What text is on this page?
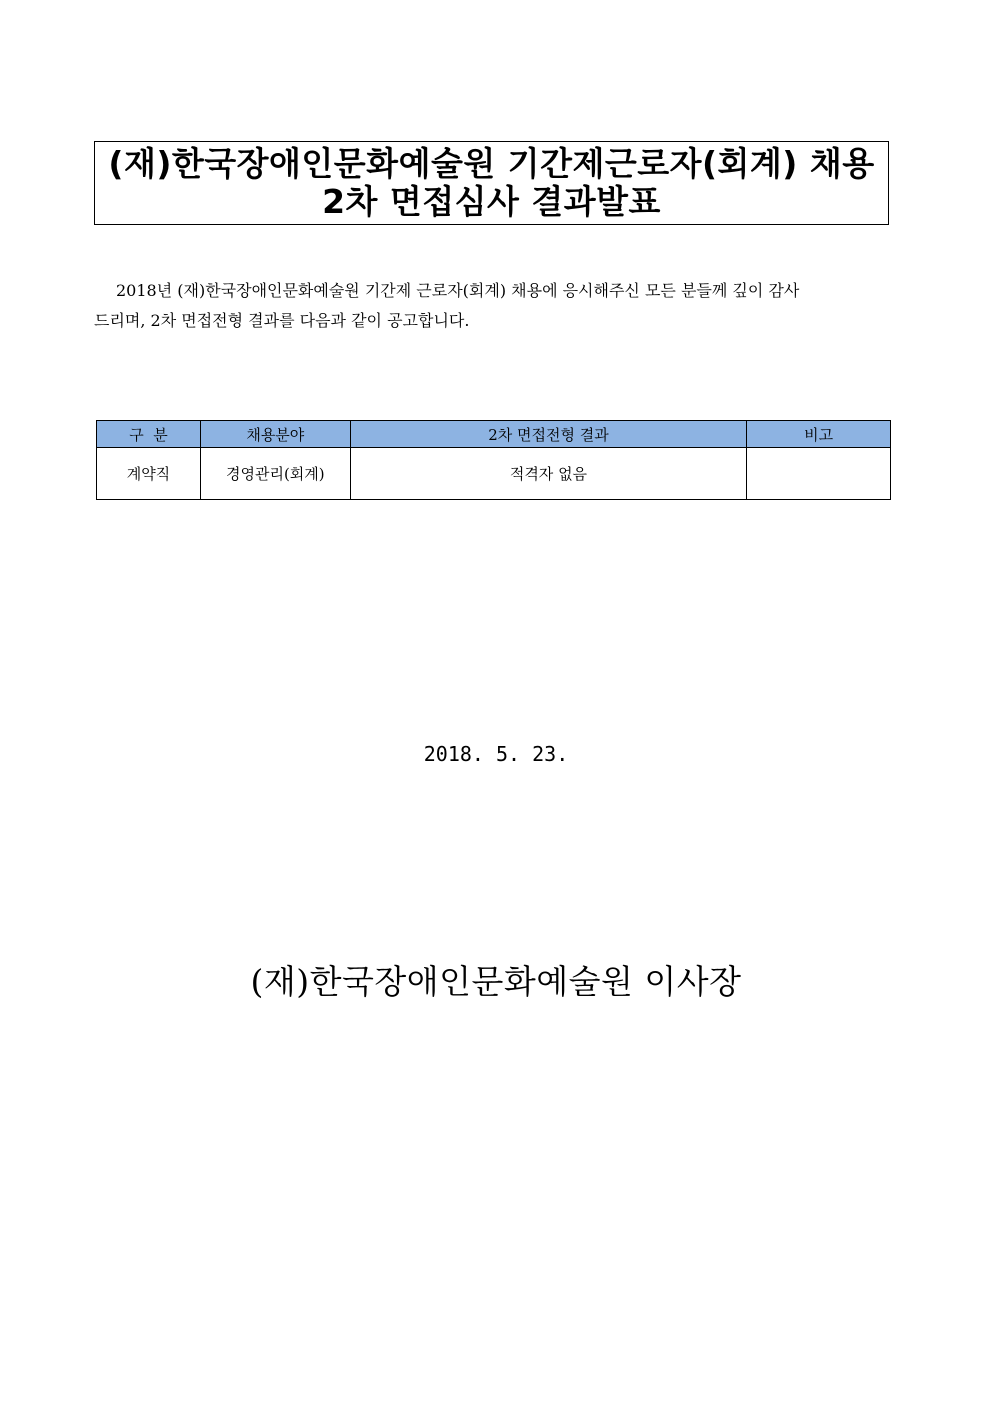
(재)한국장애인문화예술원 기간제근로자(회계) 채용
2차 면접심사 결과발표
2018년 (재)한국장애인문화예술원 기간제 근로자(회계) 채용에 응시해주신 모든 분들께 깊이 감사
드리며, 2차 면접전형 결과를 다음과 같이 공고합니다.
구  분	채용분야	2차 면접전형 결과	비고
계약직	경영관리(회계)	적격자 없음	
2018. 5. 23.
(재)한국장애인문화예술원 이사장
